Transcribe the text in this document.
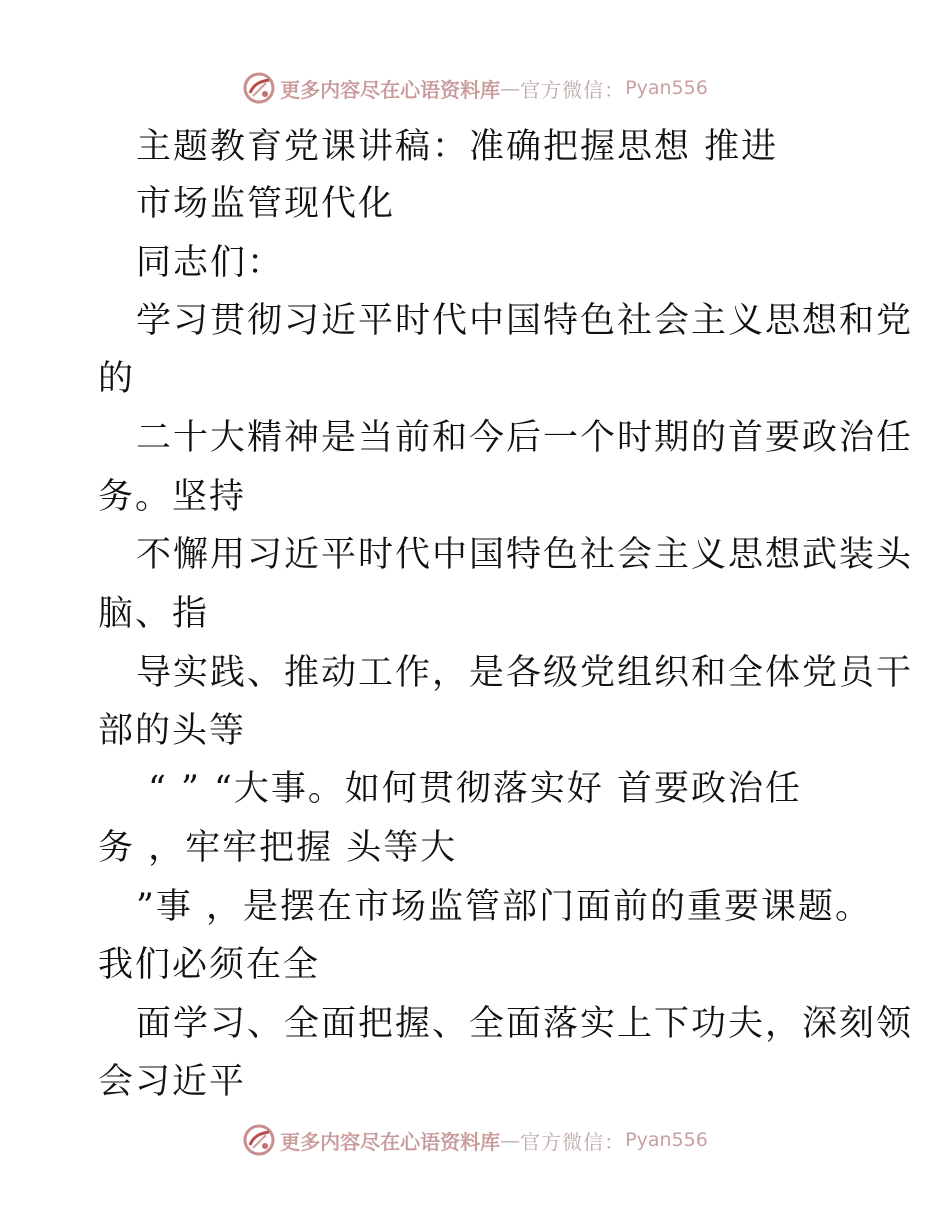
更多内容尽在心语资料库 — 官方微信： Pyan556
主题教育党课讲稿：准确把握思想 推进
市场监管现代化
同志们：
学习贯彻习近平时代中国特色社会主义思想和党
的
二十大精神是当前和今后一个时期的首要政治任
务。坚持
不懈用习近平时代中国特色社会主义思想武装头
脑、指
导实践、推动工作，是各级党组织和全体党员干
部的头等
“ ” “大事。如何贯彻落实好 首要政治任
务 ，牢牢把握 头等大
”事 ，是摆在市场监管部门面前的重要课题。
我们必须在全
面学习、全面把握、全面落实上下功夫，深刻领
会习近平
更多内容尽在心语资料库 — 官方微信： Pyan556
